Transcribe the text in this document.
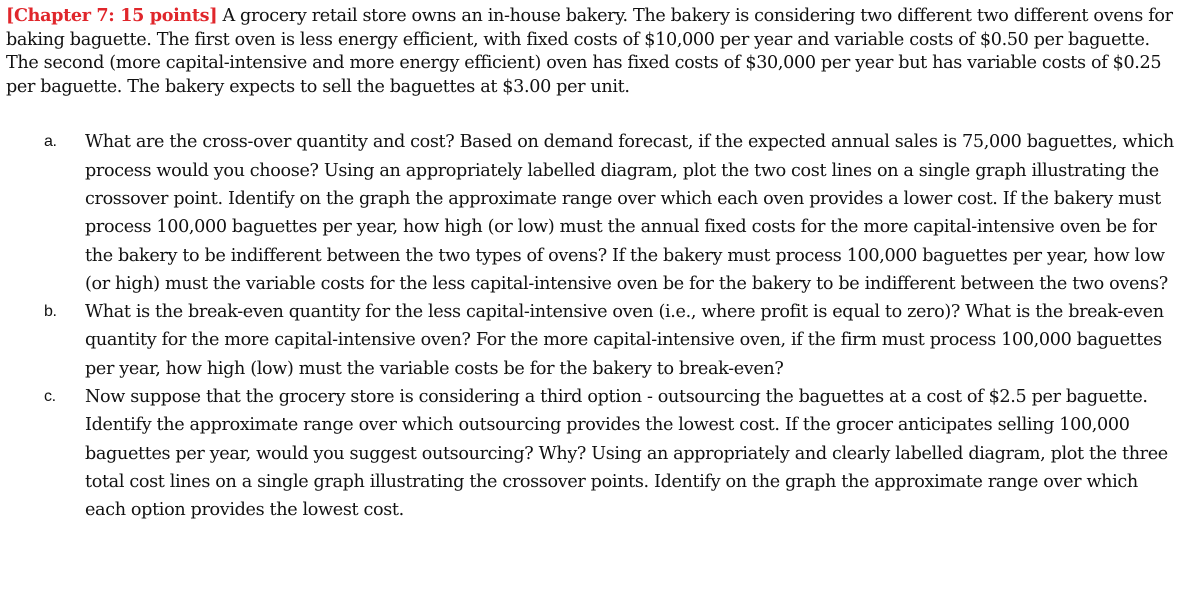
[Chapter 7: 15 points] A grocery retail store owns an in-house bakery. The bakery is considering two different two different ovens for baking baguette. The first oven is less energy efficient, with fixed costs of $10,000 per year and variable costs of $0.50 per baguette. The second (more capital-intensive and more energy efficient) oven has fixed costs of $30,000 per year but has variable costs of $0.25 per baguette. The bakery expects to sell the baguettes at $3.00 per unit.

a. What are the cross-over quantity and cost? Based on demand forecast, if the expected annual sales is 75,000 baguettes, which process would you choose? Using an appropriately labelled diagram, plot the two cost lines on a single graph illustrating the crossover point. Identify on the graph the approximate range over which each oven provides a lower cost. If the bakery must process 100,000 baguettes per year, how high (or low) must the annual fixed costs for the more capital-intensive oven be for the bakery to be indifferent between the two types of ovens? If the bakery must process 100,000 baguettes per year, how low (or high) must the variable costs for the less capital-intensive oven be for the bakery to be indifferent between the two ovens?
b. What is the break-even quantity for the less capital-intensive oven (i.e., where profit is equal to zero)? What is the break-even quantity for the more capital-intensive oven? For the more capital-intensive oven, if the firm must process 100,000 baguettes per year, how high (low) must the variable costs be for the bakery to break-even?
c. Now suppose that the grocery store is considering a third option - outsourcing the baguettes at a cost of $2.5 per baguette. Identify the approximate range over which outsourcing provides the lowest cost. If the grocer anticipates selling 100,000 baguettes per year, would you suggest outsourcing? Why? Using an appropriately and clearly labelled diagram, plot the three total cost lines on a single graph illustrating the crossover points. Identify on the graph the approximate range over which each option provides the lowest cost.
